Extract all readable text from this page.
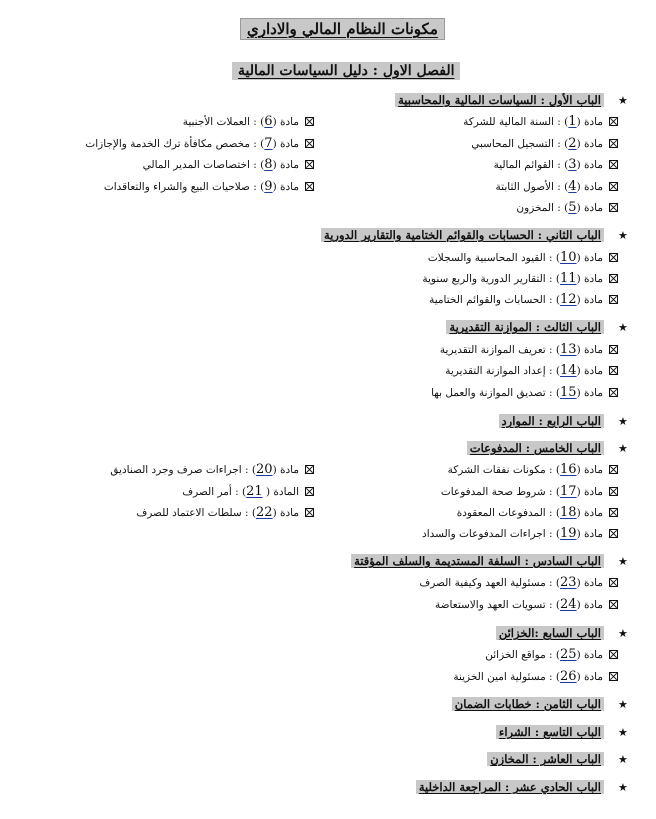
مكونات النظام المالي والاداري
الفصل الاول : دليل السياسات المالية
★
الباب الأول : السياسات المالية والمحاسبية
★
الباب الثاني : الحسابات والقوائم الختامية والتقارير الدورية
★
الباب الثالث : الموازنة التقديرية
★
الباب الرابع : الموارد
★
الباب الخامس : المدفوعات
★
الباب السادس : السلفة المستديمة والسلف المؤقتة
★
الباب السابع :الخزائن
★
الباب الثامن : خطابات الضمان
★
الباب التاسع : الشراء
★
الباب العاشر : المخازن
★
الباب الحادي عشر : المراجعة الداخلية
مادة (1) : السنة المالية للشركة
مادة (2) : التسجيل المحاسبي
مادة (3) : القوائم المالية
مادة (4) : الأصول الثابتة
مادة (5) : المخزون
مادة (6) : العملات الأجنبية
مادة (7) : مخصص مكافأة ترك الخدمة والإجازات
مادة (8) : اختصاصات المدير المالي
مادة (9) : صلاحيات البيع والشراء والتعاقدات
مادة (10) : القيود المحاسبية والسجلات
مادة (11) : التقارير الدورية والربع سنوية
مادة (12) : الحسابات والقوائم الختامية
مادة (13) : تعريف الموازنة التقديرية
مادة (14) : إعداد الموازنة التقديرية
مادة (15) : تصديق الموازنة والعمل بها
مادة (16) : مكونات نفقات الشركة
مادة (17) : شروط صحة المدفوعات
مادة (18) : المدفوعات المعقودة
مادة (19) : اجراءات المدفوعات والسداد
مادة (20) : اجراءات صرف وجرد الصناديق
المادة ( 21) : أمر الصرف
مادة (22) : سلطات الاعتماد للصرف
مادة (23) : مسئولية العهد وكيفية الصرف
مادة (24) : تسويات العهد والاستعاضة
مادة (25) : مواقع الخزائن
مادة (26) : مسئولية امين الخزينة
